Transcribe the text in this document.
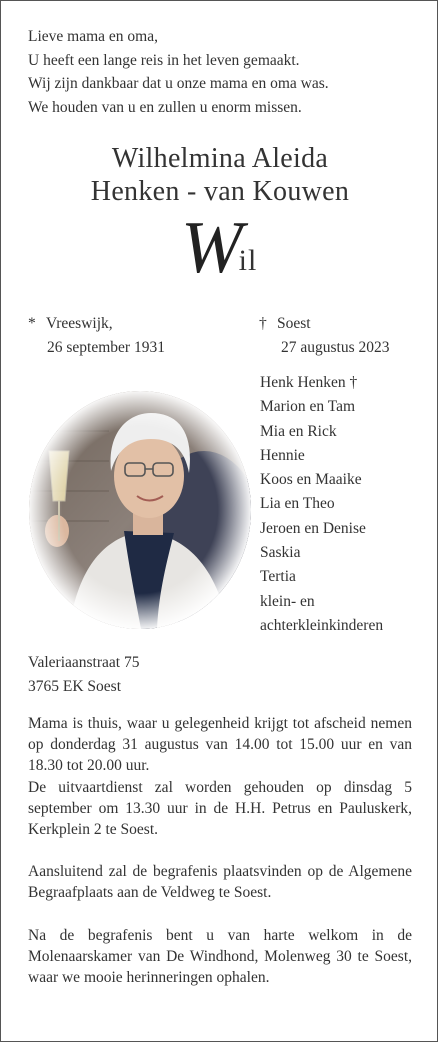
Lieve mama en oma,
U heeft een lange reis in het leven gemaakt.
Wij zijn dankbaar dat u onze mama en oma was.
We houden van u en zullen u enorm missen.
Wilhelmina Aleida
Henken - van Kouwen
Wil
* Vreeswijk,
26 september 1931
† Soest
27 augustus 2023
Henk Henken †
Marion en Tam
Mia en Rick
Hennie
Koos en Maaike
Lia en Theo
Jeroen en Denise
Saskia
Tertia
klein- en
achterkleinkinderen
Valeriaanstraat 75
3765 EK Soest
Mama is thuis, waar u gelegenheid krijgt tot afscheid nemen op donderdag 31 augustus van 14.00 tot 15.00 uur en van 18.30 tot 20.00 uur.
De uitvaartdienst zal worden gehouden op dinsdag 5 september om 13.30 uur in de H.H. Petrus en Pauluskerk, Kerkplein 2 te Soest.
Aansluitend zal de begrafenis plaatsvinden op de Algemene Begraafplaats aan de Veldweg te Soest.
Na de begrafenis bent u van harte welkom in de Molenaarskamer van De Windhond, Molenweg 30 te Soest, waar we mooie herinneringen ophalen.
